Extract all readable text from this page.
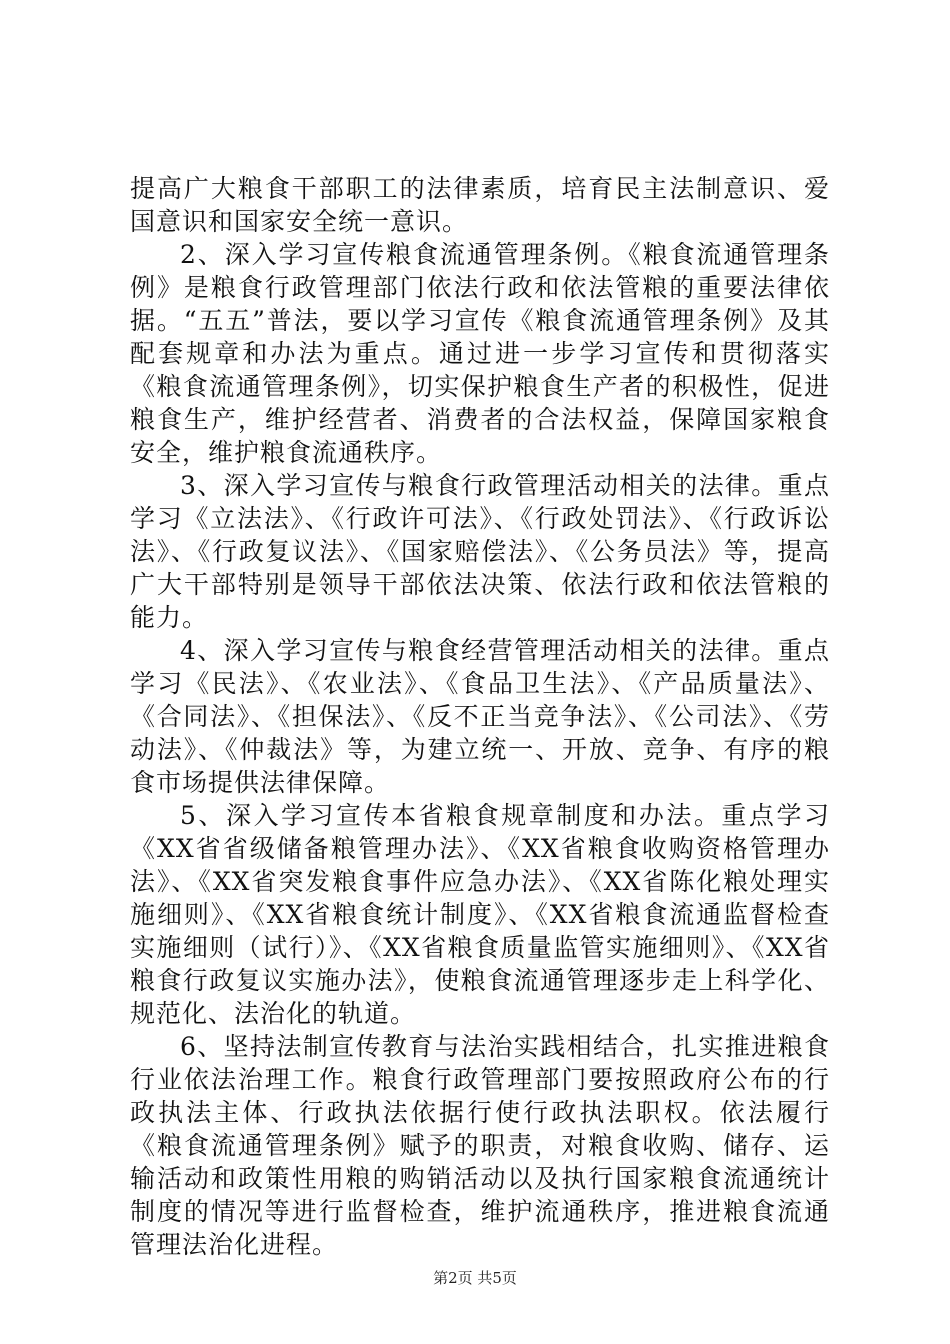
提高广大粮食干部职工的法律素质，培育民主法制意识、爱国意识和国家安全统一意识。

2、深入学习宣传粮食流通管理条例。《粮食流通管理条例》是粮食行政管理部门依法行政和依法管粮的重要法律依据。“五五”普法，要以学习宣传《粮食流通管理条例》及其配套规章和办法为重点。通过进一步学习宣传和贯彻落实《粮食流通管理条例》，切实保护粮食生产者的积极性，促进粮食生产，维护经营者、消费者的合法权益，保障国家粮食安全，维护粮食流通秩序。

3、深入学习宣传与粮食行政管理活动相关的法律。重点学习《立法法》、《行政许可法》、《行政处罚法》、《行政诉讼法》、《行政复议法》、《国家赔偿法》、《公务员法》等，提高广大干部特别是领导干部依法决策、依法行政和依法管粮的能力。

4、深入学习宣传与粮食经营管理活动相关的法律。重点学习《民法》、《农业法》、《食品卫生法》、《产品质量法》、《合同法》、《担保法》、《反不正当竞争法》、《公司法》、《劳动法》、《仲裁法》等，为建立统一、开放、竞争、有序的粮食市场提供法律保障。

5、深入学习宣传本省粮食规章制度和办法。重点学习《XX省省级储备粮管理办法》、《XX省粮食收购资格管理办法》、《XX省突发粮食事件应急办法》、《XX省陈化粮处理实施细则》、《XX省粮食统计制度》、《XX省粮食流通监督检查实施细则（试行）》、《XX省粮食质量监管实施细则》、《XX省粮食行政复议实施办法》，使粮食流通管理逐步走上科学化、规范化、法治化的轨道。

6、坚持法制宣传教育与法治实践相结合，扎实推进粮食行业依法治理工作。粮食行政管理部门要按照政府公布的行政执法主体、行政执法依据行使行政执法职权。依法履行《粮食流通管理条例》赋予的职责，对粮食收购、储存、运输活动和政策性用粮的购销活动以及执行国家粮食流通统计制度的情况等进行监督检查，维护流通秩序，推进粮食流通管理法治化进程。

第2页 共5页
